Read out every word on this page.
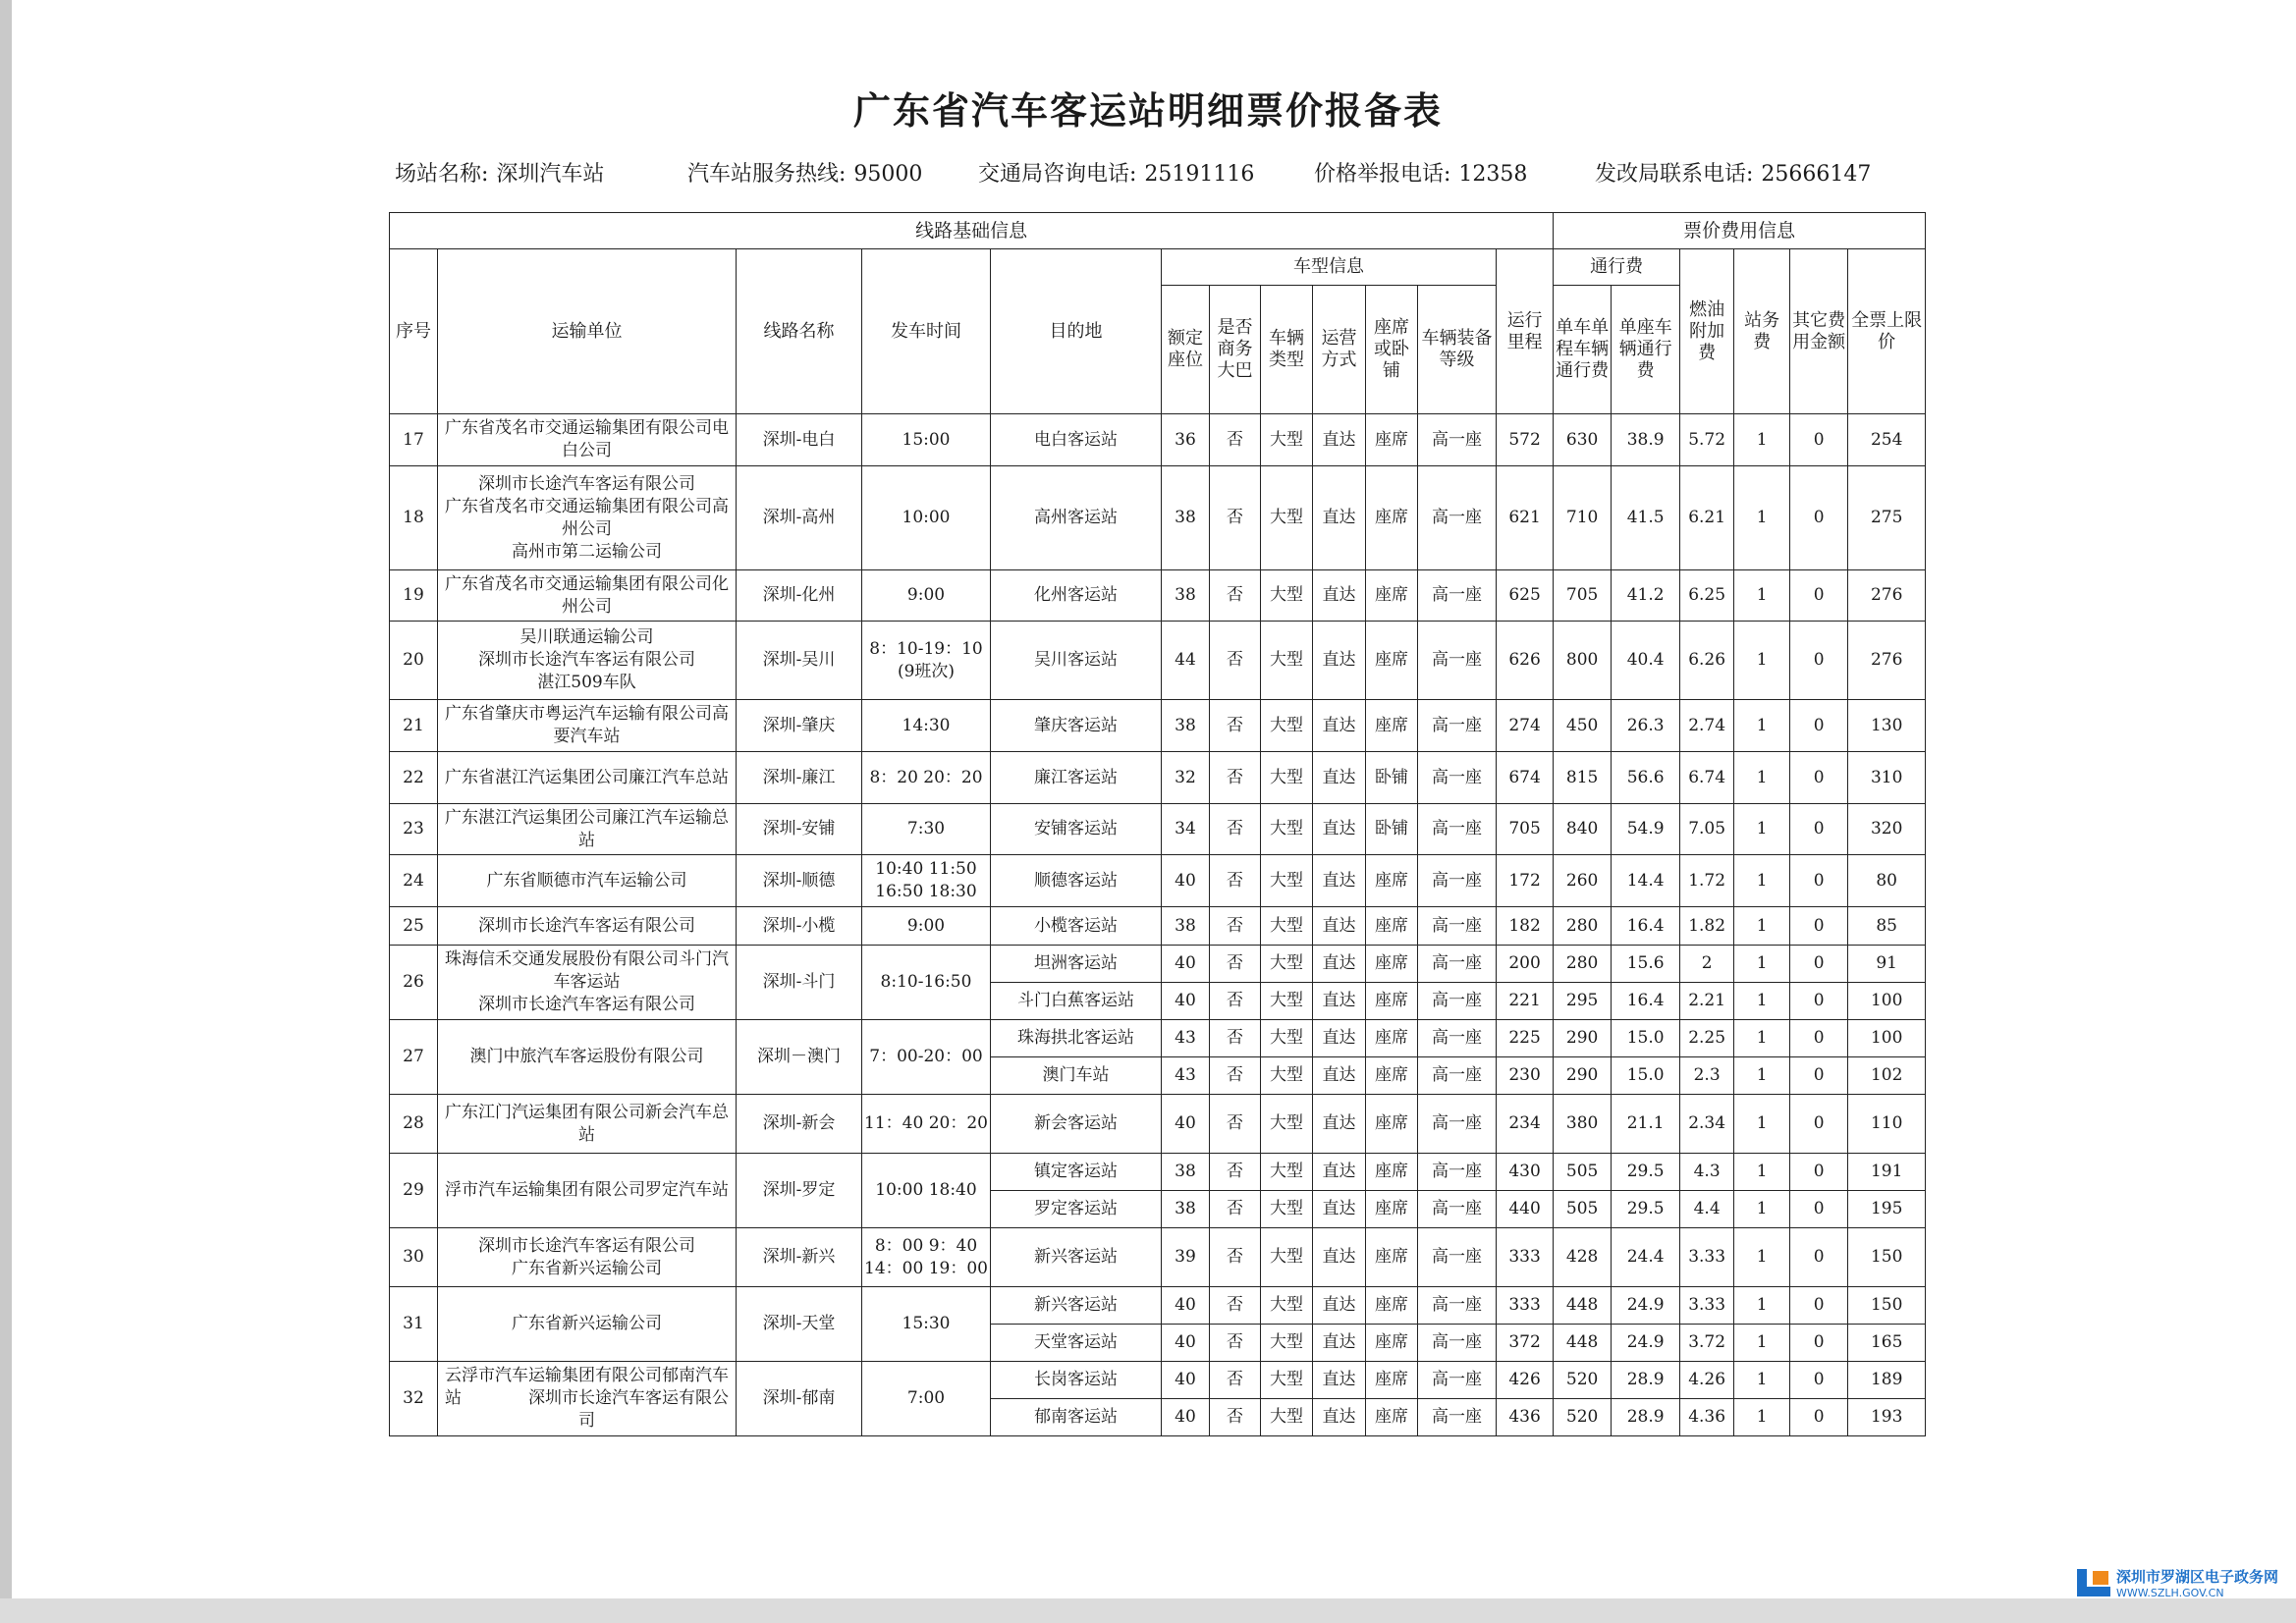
广东省汽车客运站明细票价报备表
场站名称: 深圳汽车站	汽车站服务热线: 95000	交通局咨询电话: 25191116	价格举报电话: 12358	发改局联系电话: 25666147
线路基础信息												票价费用信息					
序号	运输单位	线路名称	发车时间	目的地	车型信息						运行里程	通行费		燃油附加费	站务费	其它费用金额	全票上限价
					额定座位	是否商务大巴	车辆类型	运营方式	座席或卧铺	车辆装备等级		单车单程车辆通行费	单座车辆通行费				

17	广东省茂名市交通运输集团有限公司电白公司	深圳-电白	15:00	电白客运站	36	否	大型	直达	座席	高一座	572	630	38.9	5.72	1	0	254
18	深圳市长途汽车客运有限公司
广东省茂名市交通运输集团有限公司高州公司
高州市第二运输公司	深圳-高州	10:00	高州客运站	38	否	大型	直达	座席	高一座	621	710	41.5	6.21	1	0	275
19	广东省茂名市交通运输集团有限公司化州公司	深圳-化州	9:00	化州客运站	38	否	大型	直达	座席	高一座	625	705	41.2	6.25	1	0	276
20	吴川联通运输公司
深圳市长途汽车客运有限公司
湛江509车队	深圳-吴川	8：10-19：10
(9班次)	吴川客运站	44	否	大型	直达	座席	高一座	626	800	40.4	6.26	1	0	276
21	广东省肇庆市粤运汽车运输有限公司高要汽车站	深圳-肇庆	14:30	肇庆客运站	38	否	大型	直达	座席	高一座	274	450	26.3	2.74	1	0	130
22	广东省湛江汽运集团公司廉江汽车总站	深圳-廉江	8：20 20：20	廉江客运站	32	否	大型	直达	卧铺	高一座	674	815	56.6	6.74	1	0	310
23	广东湛江汽运集团公司廉江汽车运输总站	深圳-安铺	7:30	安铺客运站	34	否	大型	直达	卧铺	高一座	705	840	54.9	7.05	1	0	320
24	广东省顺德市汽车运输公司	深圳-顺德	10:40 11:50
16:50 18:30	顺德客运站	40	否	大型	直达	座席	高一座	172	260	14.4	1.72	1	0	80
25	深圳市长途汽车客运有限公司	深圳-小榄	9:00	小榄客运站	38	否	大型	直达	座席	高一座	182	280	16.4	1.82	1	0	85
26	珠海信禾交通发展股份有限公司斗门汽车客运站
深圳市长途汽车客运有限公司	深圳-斗门	8:10-16:50	坦洲客运站	40	否	大型	直达	座席	高一座	200	280	15.6	2	1	0	91
				斗门白蕉客运站	40	否	大型	直达	座席	高一座	221	295	16.4	2.21	1	0	100
27	澳门中旅汽车客运股份有限公司	深圳－澳门	7：00-20：00	珠海拱北客运站	43	否	大型	直达	座席	高一座	225	290	15.0	2.25	1	0	100
				澳门车站	43	否	大型	直达	座席	高一座	230	290	15.0	2.3	1	0	102
28	广东江门汽运集团有限公司新会汽车总站	深圳-新会	11：40 20：20	新会客运站	40	否	大型	直达	座席	高一座	234	380	21.1	2.34	1	0	110
29	浮市汽车运输集团有限公司罗定汽车站	深圳-罗定	10:00 18:40	镇定客运站	38	否	大型	直达	座席	高一座	430	505	29.5	4.3	1	0	191
				罗定客运站	38	否	大型	直达	座席	高一座	440	505	29.5	4.4	1	0	195
30	深圳市长途汽车客运有限公司
广东省新兴运输公司	深圳-新兴	8：00 9：40
14：00 19：00	新兴客运站	39	否	大型	直达	座席	高一座	333	428	24.4	3.33	1	0	150
31	广东省新兴运输公司	深圳-天堂	15:30	新兴客运站	40	否	大型	直达	座席	高一座	333	448	24.9	3.33	1	0	150
				天堂客运站	40	否	大型	直达	座席	高一座	372	448	24.9	3.72	1	0	165
32	云浮市汽车运输集团有限公司郁南汽车站　　　　深圳市长途汽车客运有限公司	深圳-郁南	7:00	长岗客运站	40	否	大型	直达	座席	高一座	426	520	28.9	4.26	1	0	189
				郁南客运站	40	否	大型	直达	座席	高一座	436	520	28.9	4.36	1	0	193
深圳市罗湖区电子政务网
WWW.SZLH.GOV.CN
